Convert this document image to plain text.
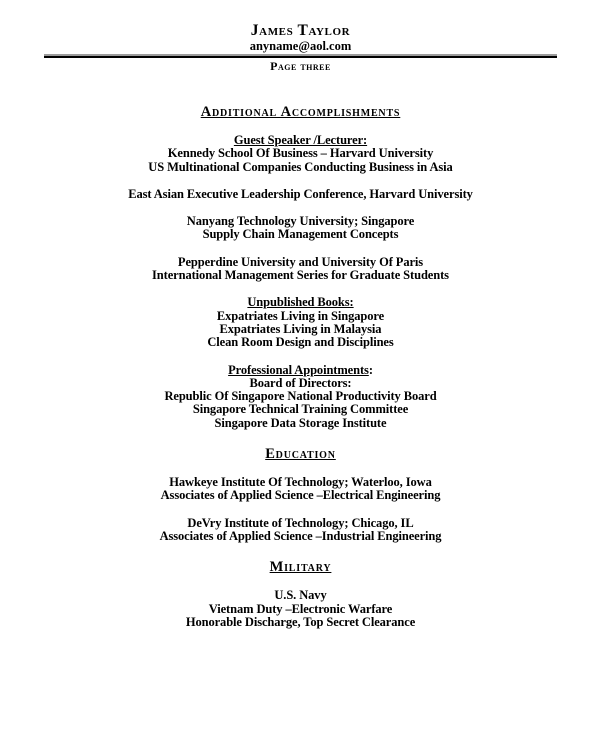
James Taylor
anyname@aol.com
Page three
Additional Accomplishments
Guest Speaker /Lecturer:
Kennedy School Of Business – Harvard University
US Multinational Companies Conducting Business in Asia
East Asian Executive Leadership Conference, Harvard University
Nanyang Technology University; Singapore
Supply Chain Management Concepts
Pepperdine University and University Of Paris
International Management Series for Graduate Students
Unpublished Books:
Expatriates Living in Singapore
Expatriates Living in Malaysia
Clean Room Design and Disciplines
Professional Appointments:
Board of Directors:
Republic Of Singapore National Productivity Board
Singapore Technical Training Committee
Singapore Data Storage Institute
Education
Hawkeye Institute Of Technology; Waterloo, Iowa
Associates of Applied Science –Electrical Engineering
DeVry Institute of Technology; Chicago, IL
Associates of Applied Science –Industrial Engineering
Military
U.S. Navy
Vietnam Duty –Electronic Warfare
Honorable Discharge, Top Secret Clearance
